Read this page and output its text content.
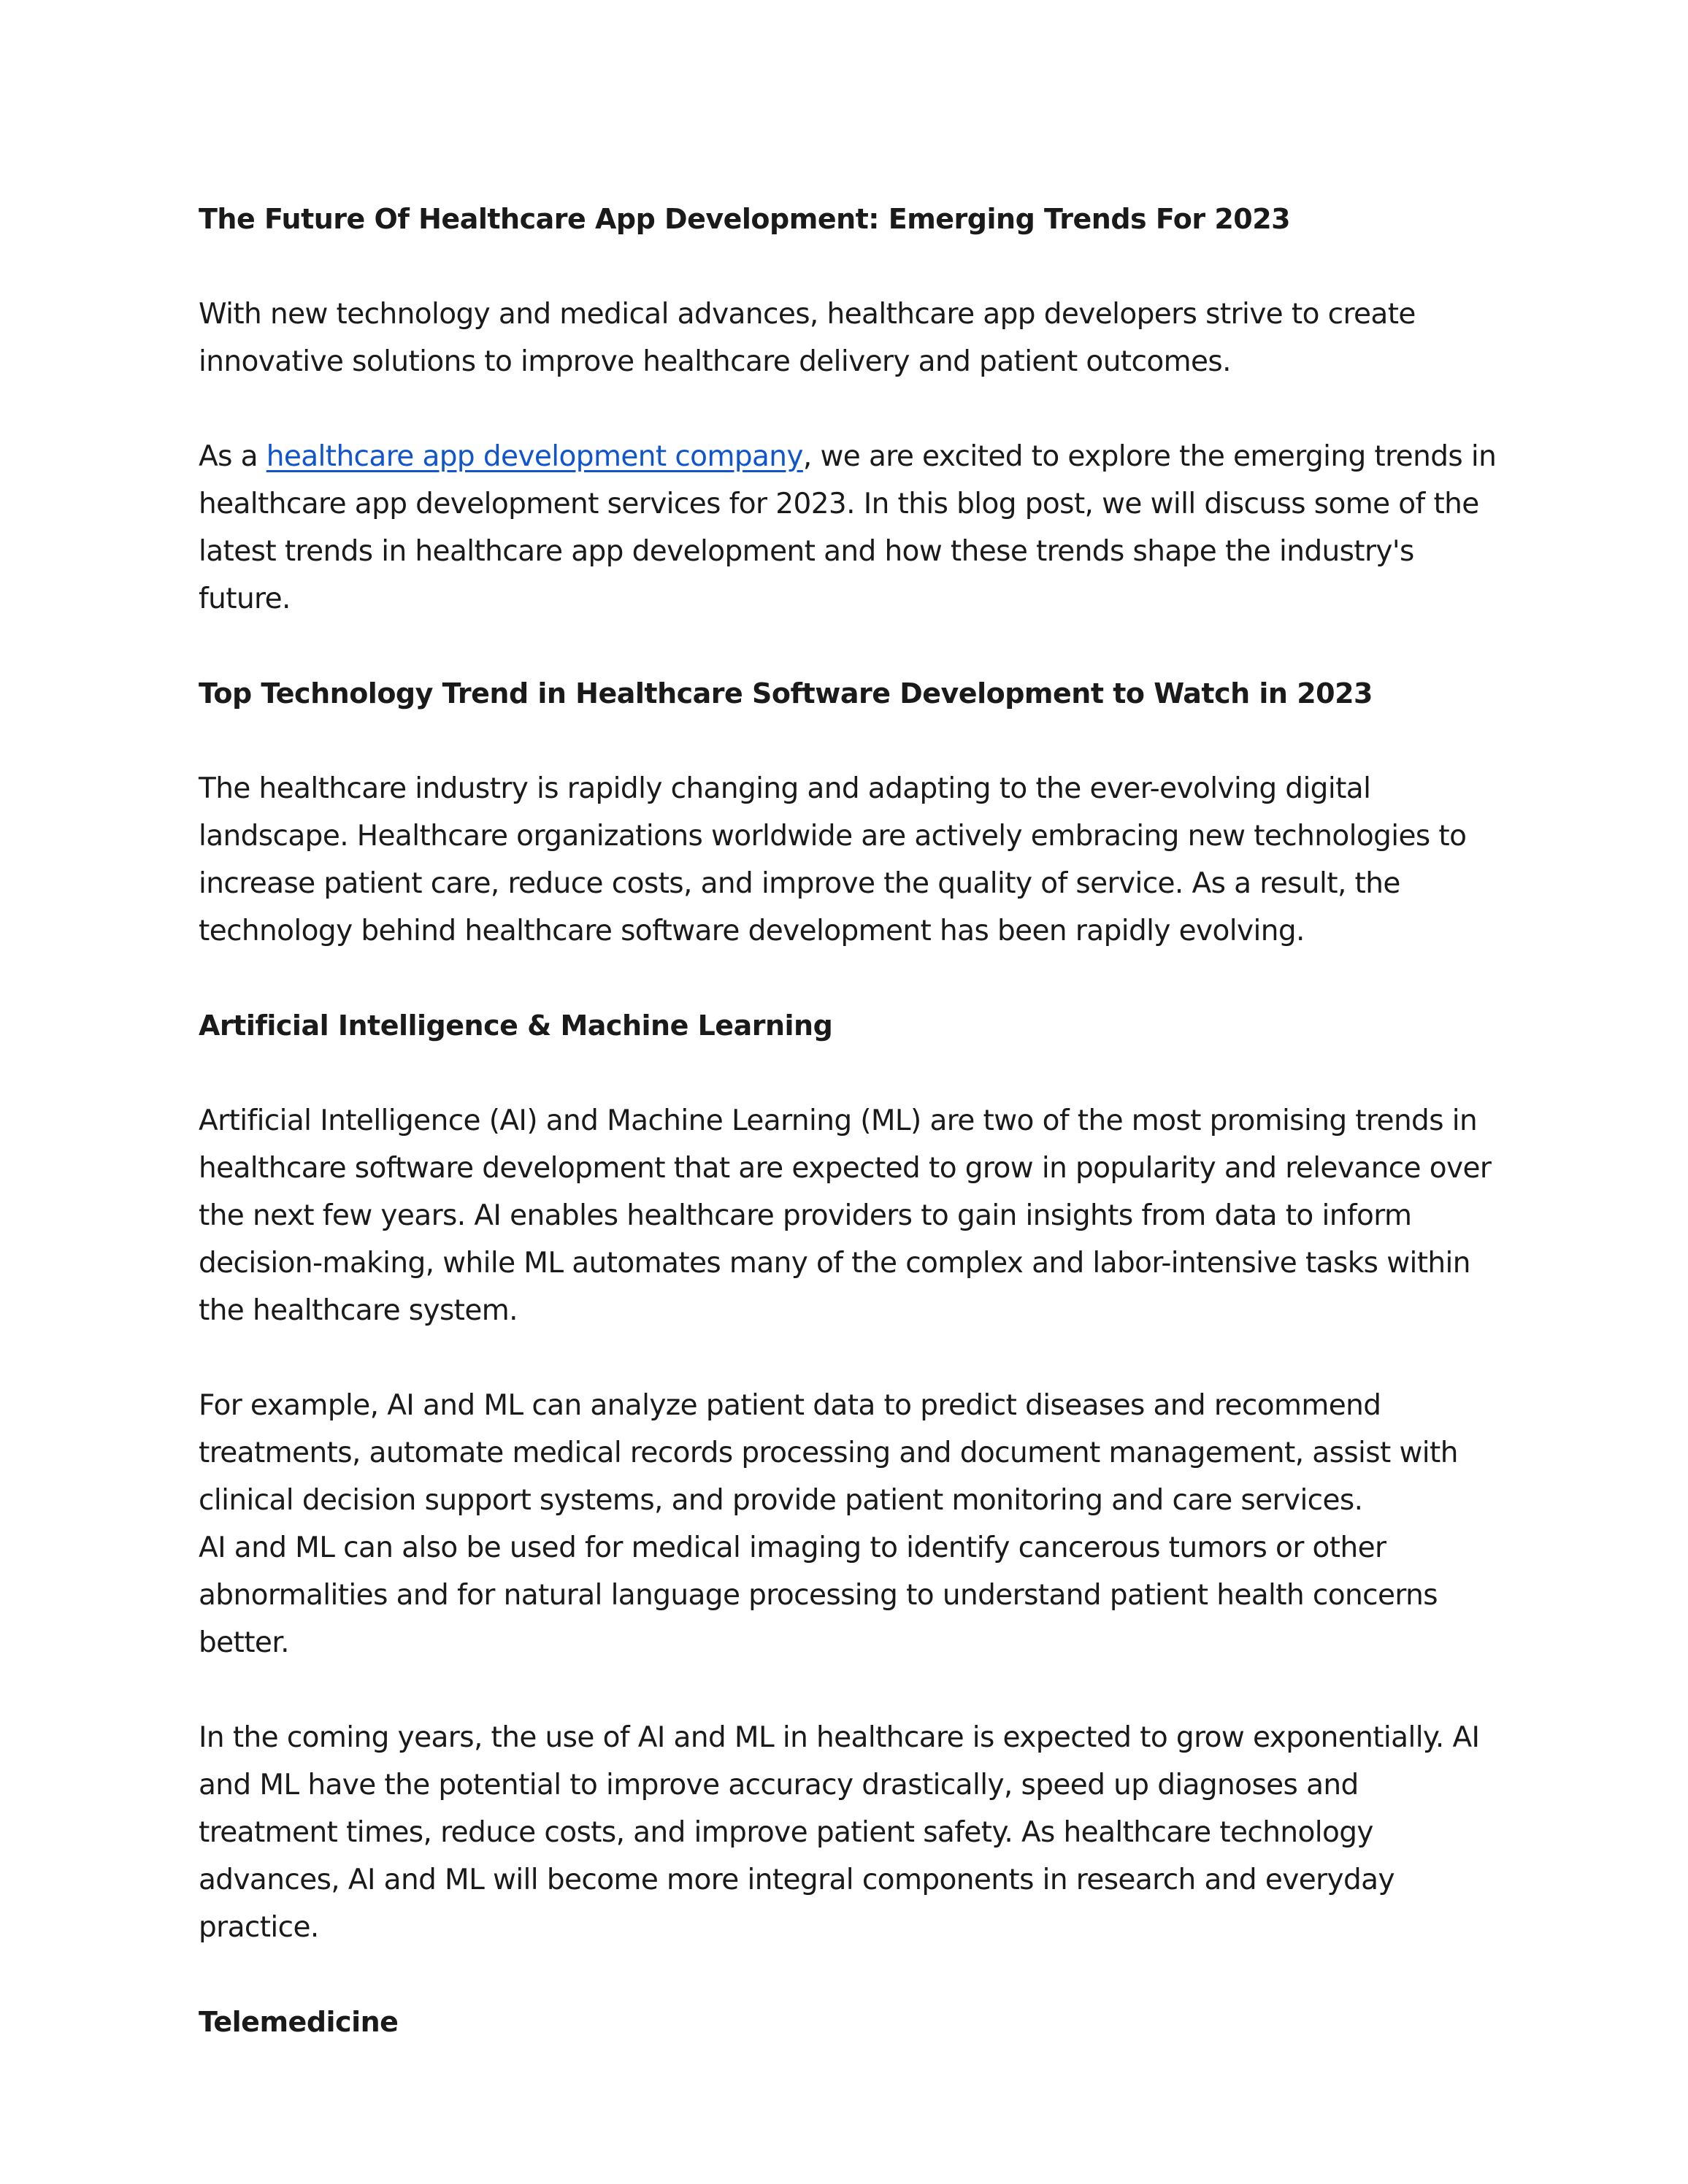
The Future Of Healthcare App Development: Emerging Trends For 2023
With new technology and medical advances, healthcare app developers strive to create innovative solutions to improve healthcare delivery and patient outcomes.
As a healthcare app development company, we are excited to explore the emerging trends in healthcare app development services for 2023. In this blog post, we will discuss some of the latest trends in healthcare app development and how these trends shape the industry's future.
Top Technology Trend in Healthcare Software Development to Watch in 2023
The healthcare industry is rapidly changing and adapting to the ever-evolving digital landscape. Healthcare organizations worldwide are actively embracing new technologies to increase patient care, reduce costs, and improve the quality of service. As a result, the technology behind healthcare software development has been rapidly evolving.
Artificial Intelligence & Machine Learning
Artificial Intelligence (AI) and Machine Learning (ML) are two of the most promising trends in healthcare software development that are expected to grow in popularity and relevance over the next few years. AI enables healthcare providers to gain insights from data to inform decision-making, while ML automates many of the complex and labor-intensive tasks within the healthcare system.
For example, AI and ML can analyze patient data to predict diseases and recommend treatments, automate medical records processing and document management, assist with clinical decision support systems, and provide patient monitoring and care services.
AI and ML can also be used for medical imaging to identify cancerous tumors or other abnormalities and for natural language processing to understand patient health concerns better.
In the coming years, the use of AI and ML in healthcare is expected to grow exponentially. AI and ML have the potential to improve accuracy drastically, speed up diagnoses and treatment times, reduce costs, and improve patient safety. As healthcare technology advances, AI and ML will become more integral components in research and everyday practice.
Telemedicine
